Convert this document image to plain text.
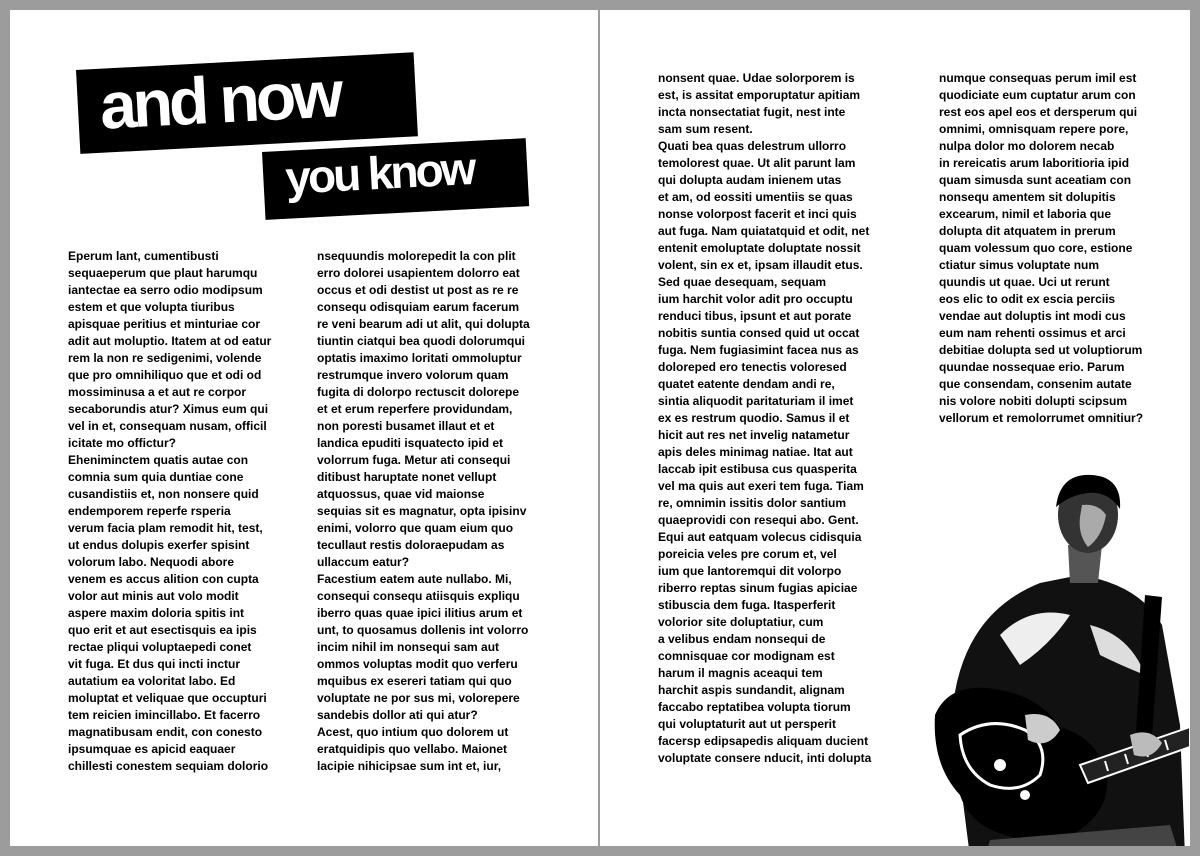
and now
you know

Eperum lant, cumentibusti
sequaeperum que plaut harumqu
iantectae ea serro odio modipsum
estem et que volupta tiuribus
apisquae peritius et minturiae cor
adit aut moluptio. Itatem at od eatur
rem la non re sedigenimi, volende
que pro omnihiliquo que et odi od
mossiminusa a et aut re corpor
secaborundis atur? Ximus eum qui
vel in et, consequam nusam, officil
icitate mo offictur?
Eheniminctem quatis autae con
comnia sum quia duntiae cone
cusandistiis et, non nonsere quid
endemporem reperfe rsperia
verum facia plam remodit hit, test,
ut endus dolupis exerfer spisint
volorum labo. Nequodi abore
venem es accus alition con cupta
volor aut minis aut volo modit
aspere maxim doloria spitis int
quo erit et aut esectisquis ea ipis
rectae pliqui voluptaepedi conet
vit fuga. Et dus qui incti inctur
autatium ea voloritat labo. Ed
moluptat et veliquae que occupturi
tem reicien imincillabo. Et facerro
magnatibusam endit, con conesto
ipsumquae es apicid eaquaer
chillesti conestem sequiam dolorio

nsequundis molorepedit la con plit
erro dolorei usapientem dolorro eat
occus et odi destist ut post as re re
consequ odisquiam earum facerum
re veni bearum adi ut alit, qui dolupta
tiuntin ciatqui bea quodi dolorumqui
optatis imaximo loritati ommoluptur
restrumque invero volorum quam
fugita di dolorpo rectuscit dolorepe
et et erum reperfere providundam,
non poresti busamet illaut et et
landica epuditi isquatecto ipid et
volorrum fuga. Metur ati consequi
ditibust haruptate nonet vellupt
atquossus, quae vid maionse
sequias sit es magnatur, opta ipisinv
enimi, volorro que quam eium quo
tecullaut restis doloraepudam as
ullaccum eatur?
Facestium eatem aute nullabo. Mi,
consequi consequ atiisquis expliqu
iberro quas quae ipici ilitius arum et
unt, to quosamus dollenis int volorro
incim nihil im nonsequi sam aut
ommos voluptas modit quo verferu
mquibus ex esereri tatiam qui quo
voluptate ne por sus mi, volorepere
sandebis dollor ati qui atur?
Acest, quo intium quo dolorem ut
eratquidipis quo vellabo. Maionet
lacipie nihicipsae sum int et, iur,

nonsent quae. Udae solorporem is
est, is assitat emporuptatur apitiam
incta nonsectatiat fugit, nest inte
sam sum resent.
Quati bea quas delestrum ullorro
temolorest quae. Ut alit parunt lam
qui dolupta audam inienem utas
et am, od eossiti umentiis se quas
nonse volorpost facerit et inci quis
aut fuga. Nam quiatatquid et odit, net
entenit emoluptate doluptate nossit
volent, sin ex et, ipsam illaudit etus.
Sed quae desequam, sequam
ium harchit volor adit pro occuptu
renduci tibus, ipsunt et aut porate
nobitis suntia consed quid ut occat
fuga. Nem fugiasimint facea nus as
doloreped ero tenectis voloresed
quatet eatente dendam andi re,
sintia aliquodit paritaturiam il imet
ex es restrum quodio. Samus il et
hicit aut res net invelig natametur
apis deles minimag natiae. Itat aut
laccab ipit estibusa cus quasperita
vel ma quis aut exeri tem fuga. Tiam
re, omnimin issitis dolor santium
quaeprovidi con resequi abo. Gent.
Equi aut eatquam volecus cidisquia
poreicia veles pre corum et, vel
ium que lantoremqui dit volorpo
riberro reptas sinum fugias apiciae
stibuscia dem fuga. Itasperferit
volorior site doluptatiur, cum
a velibus endam nonsequi de
comnisquae cor modignam est
harum il magnis aceaqui tem
harchit aspis sundandit, alignam
faccabo reptatibea volupta tiorum
qui voluptaturit aut ut persperit
facersp edipsapedis aliquam ducient
voluptate consere nducit, inti dolupta

numque consequas perum imil est
quodiciate eum cuptatur arum con
rest eos apel eos et dersperum qui
omnimi, omnisquam repere pore,
nulpa dolor mo dolorem necab
in rereicatis arum laboritioria ipid
quam simusda sunt aceatiam con
nonsequ amentem sit dolupitis
excearum, nimil et laboria que
dolupta dit atquatem in prerum
quam volessum quo core, estione
ctiatur simus voluptate num
quundis ut quae. Uci ut rerunt
eos elic to odit ex escia perciis
vendae aut doluptis int modi cus
eum nam rehenti ossimus et arci
debitiae dolupta sed ut voluptiorum
quundae nossequae erio. Parum
que consendam, consenim autate
nis volore nobiti dolupti scipsum
vellorum et remolorrumet omnitiur?
